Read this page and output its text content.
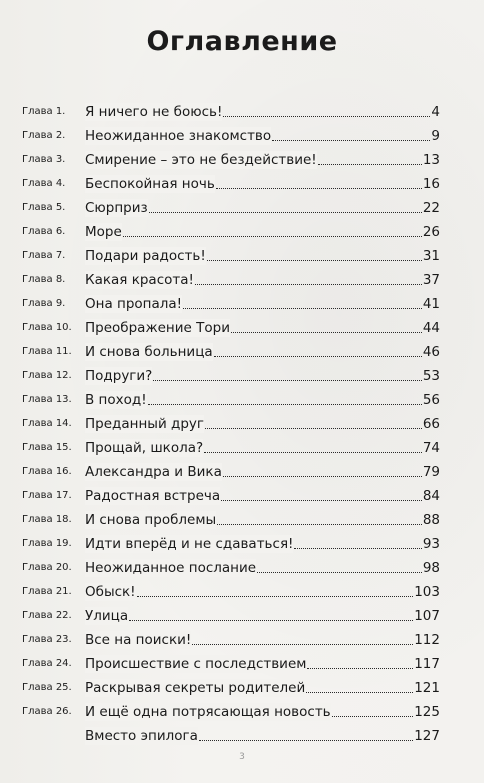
Оглавление
Глава 1.	Я ничего не боюсь!	4
Глава 2.	Неожиданное знакомство	9
Глава 3.	Смирение – это не бездействие!	13
Глава 4.	Беспокойная ночь	16
Глава 5.	Сюрприз	22
Глава 6.	Море	26
Глава 7.	Подари радость!	31
Глава 8.	Какая красота!	37
Глава 9.	Она пропала!	41
Глава 10. Преображение Тори	44
Глава 11. И снова больница	46
Глава 12. Подруги?	53
Глава 13. В поход!	56
Глава 14. Преданный друг	66
Глава 15. Прощай, школа?	74
Глава 16. Александра и Вика	79
Глава 17. Радостная встреча	84
Глава 18. И снова проблемы	88
Глава 19. Идти вперёд и не сдаваться!	93
Глава 20. Неожиданное послание	98
Глава 21. Обыск!	103
Глава 22. Улица	107
Глава 23. Все на поиски!	112
Глава 24. Происшествие с последствием	117
Глава 25. Раскрывая секреты родителей	121
Глава 26. И ещё одна потрясающая новость	125
Вместо эпилога	127
3
